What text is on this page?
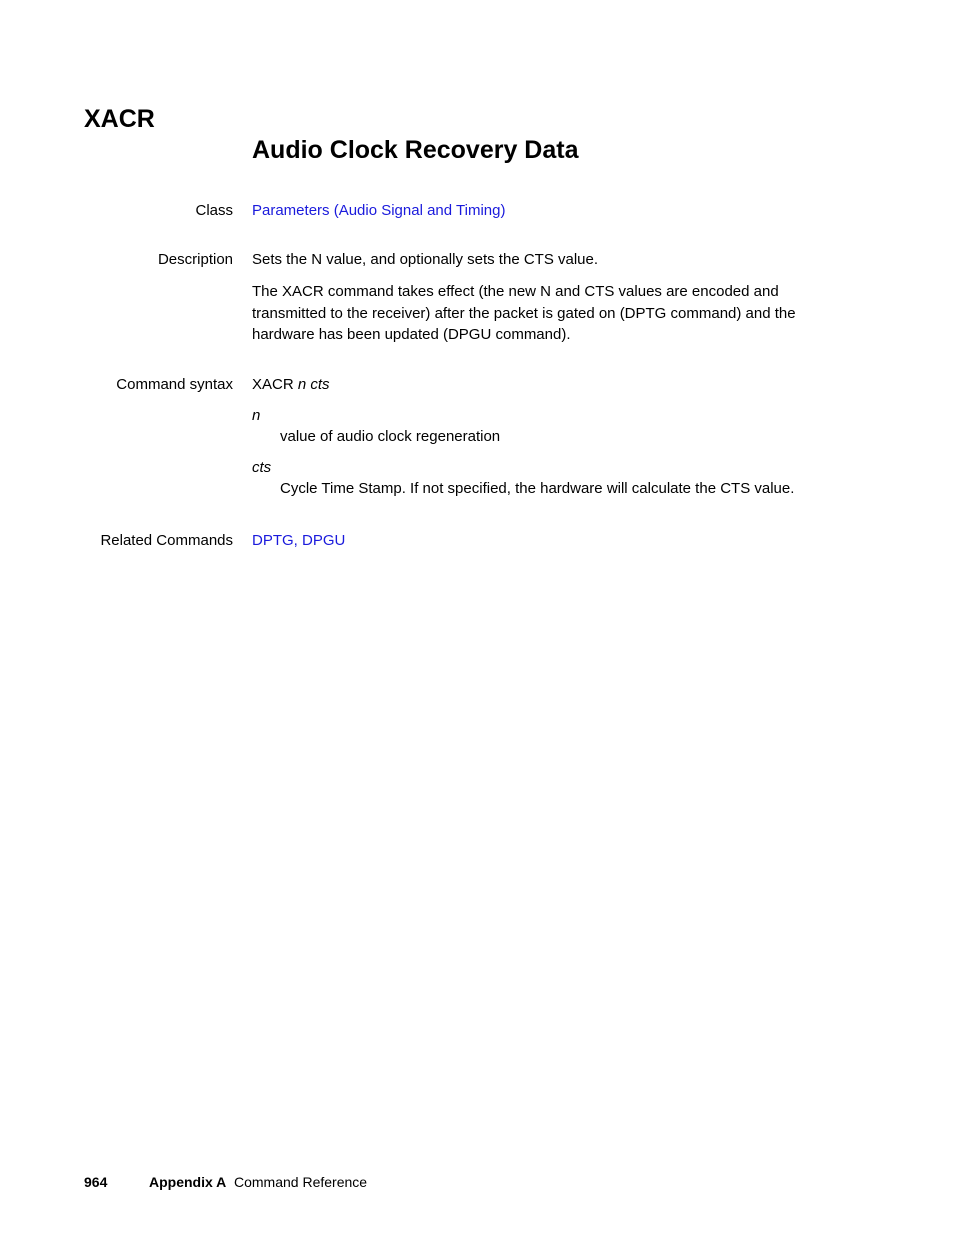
XACR
Audio Clock Recovery Data
Class Parameters (Audio Signal and Timing)
Description Sets the N value, and optionally sets the CTS value.

The XACR command takes effect (the new N and CTS values are encoded and transmitted to the receiver) after the packet is gated on (DPTG command) and the hardware has been updated (DPGU command).

Command syntax XACR n cts

n

value of audio clock regeneration

cts

Cycle Time Stamp. If not specified, the hardware will calculate the CTS value.

Related Commands DPTG, DPGU
964	Appendix A Command Reference
